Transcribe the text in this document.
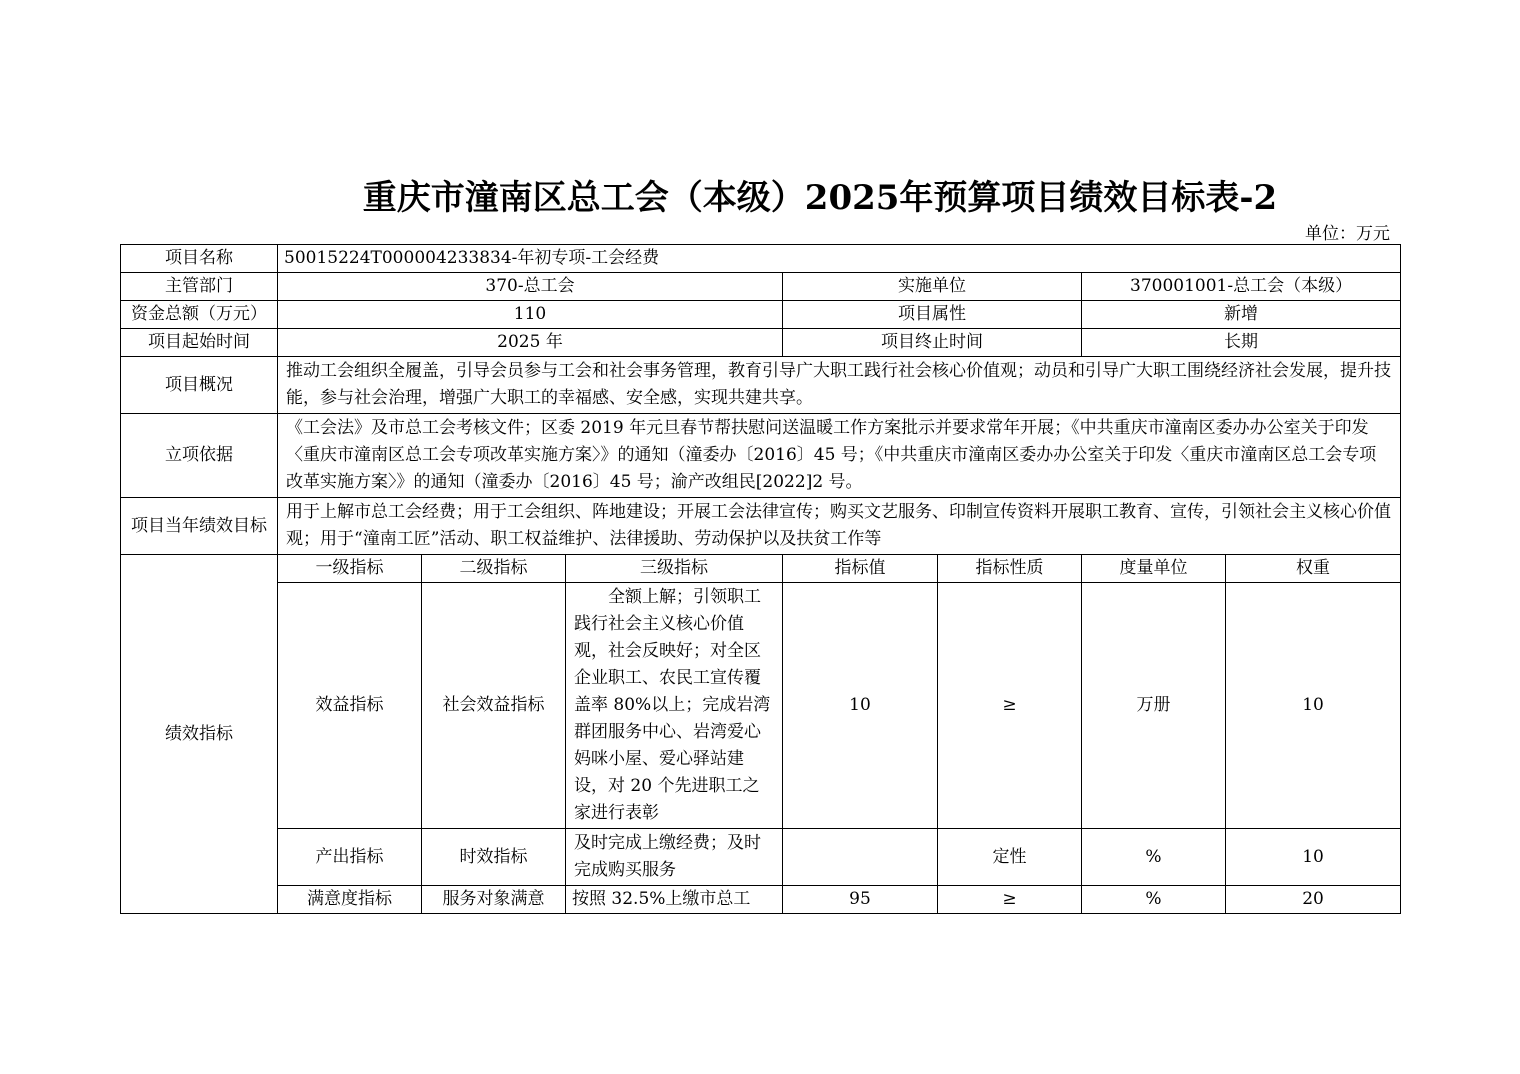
重庆市潼南区总工会（本级）2025年预算项目绩效目标表-2
单位：万元
项目名称	50015224T000004233834-年初专项-工会经费						
主管部门	370-总工会			实施单位		370001001-总工会（本级）	
资金总额（万元）	110			项目属性		新增	
项目起始时间	2025 年			项目终止时间		长期	
项目概况	推动工会组织全履盖，引导会员参与工会和社会事务管理，教育引导广大职工践行社会核心价值观；动员和引导广大职工围绕经济社会发展，提升技能，参与社会治理，增强广大职工的幸福感、安全感，实现共建共享。						
立项依据	《工会法》及市总工会考核文件；区委 2019 年元旦春节帮扶慰问送温暖工作方案批示并要求常年开展；《中共重庆市潼南区委办办公室关于印发〈重庆市潼南区总工会专项改革实施方案〉》的通知（潼委办〔2016〕45 号；《中共重庆市潼南区委办办公室关于印发〈重庆市潼南区总工会专项改革实施方案〉》的通知（潼委办〔2016〕45 号；渝产改组民[2022]2 号。						
项目当年绩效目标	用于上解市总工会经费；用于工会组织、阵地建设；开展工会法律宣传；购买文艺服务、印制宣传资料开展职工教育、宣传，引领社会主义核心价值观；用于“潼南工匠”活动、职工权益维护、法律援助、劳动保护以及扶贫工作等						
绩效指标	一级指标	二级指标	三级指标	指标值	指标性质	度量单位	权重
	效益指标	社会效益指标	全额上解；引领职工践行社会主义核心价值观，社会反映好；对全区企业职工、农民工宣传覆盖率 80%以上；完成岩湾群团服务中心、岩湾爱心妈咪小屋、爱心驿站建设，对 20 个先进职工之家进行表彰	10	≥	万册	10
	产出指标	时效指标	及时完成上缴经费；及时完成购买服务		定性	%	10
	满意度指标	服务对象满意	按照 32.5%上缴市总工	95	≥	%	20
